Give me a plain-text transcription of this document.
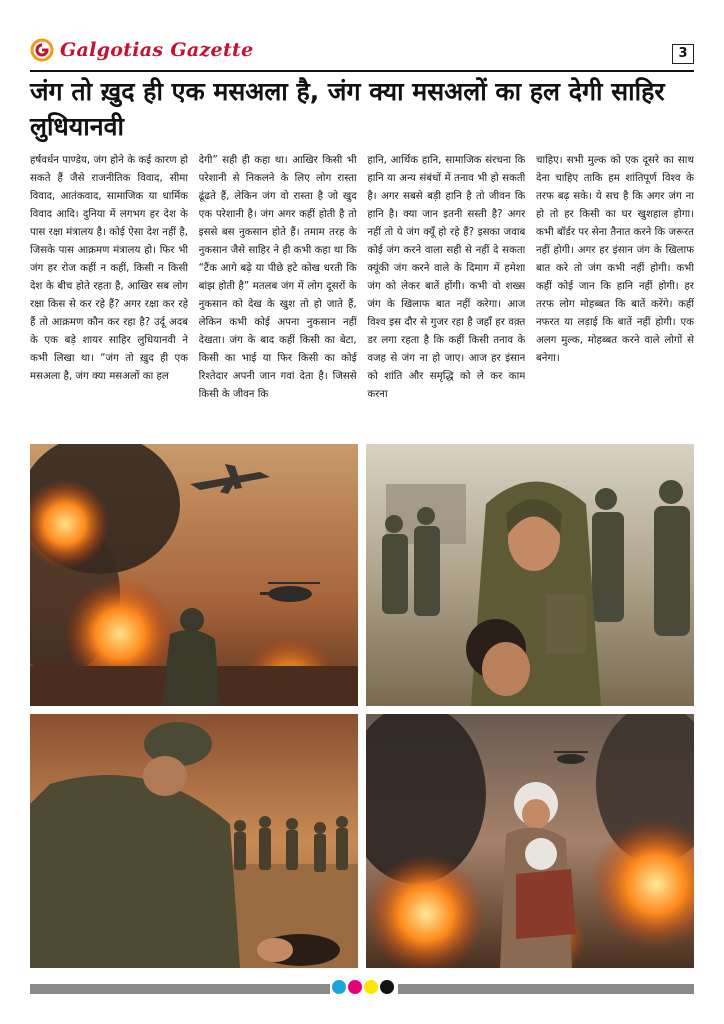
Galgotias Gazette	3
जंग तो ख़ुद ही एक मसअला है, जंग क्या मसअलों का हल देगी साहिर लुधियानवी
हर्षवर्धन पाण्डेय, जंग होने के कई कारण हो सकते हैं जैसे राजनीतिक विवाद, सीमा विवाद, आतंकवाद, सामाजिक या धार्मिक विवाद आदि। दुनिया में लगभग हर देश के पास रक्षा मंत्रालय है। कोई ऐसा देश नहीं है, जिसके पास आक्रमण मंत्रालय हो। फिर भी जंग हर रोज कहीं न कहीं, किसी न किसी देश के बीच होते रहता है, आखिर सब लोग रक्षा किस से कर रहे हैं? अगर रक्षा कर रहे हैं तो आक्रमण कौन कर रहा है? उर्दू अदब के एक बड़े शायर साहिर लुधियानवी ने कभी लिखा था। “जंग तो ख़ुद ही एक मसअला है, जंग क्या मसअलों का हल
देगी” सही ही कहा था। आखिर किसी भी परेशानी से निकलने के लिए लोग रास्ता ढूंढते हैं, लेकिन जंग वो रास्ता है जो खुद एक परेशानी है। जंग अगर कहीं होती है तो इससे बस नुकसान होते हैं। तमाम तरह के नुकसान जैसे साहिर ने ही कभी कहा था कि “टैंक आगे बढ़े या पीछे हटे कोख धरती कि बांझ होती है” मतलब जंग में लोग दूसरों के नुकसान को देख के खुश तो हो जाते हैं, लेकिन कभी कोई अपना नुकसान नहीं देखता। जंग के बाद कहीं किसी का बेटा, किसी का भाई या फिर किसी का कोई रिश्तेदार अपनी जान गवां देता है। जिससे किसी के जीवन कि
हानि, आर्थिक हानि, सामाजिक संरचना कि हानि या अन्य संबंधों में तनाव भी हो सकती है। अगर सबसे बड़ी हानि है तो जीवन कि हानि है। क्या जान इतनी सस्ती है? अगर नहीं तो ये जंग क्यूँ हो रहे हैं? इसका जवाब कोई जंग करने वाला सही से नहीं दे सकता क्यूंकी जंग करने वाले के दिमाग में हमेशा जंग को लेकर बातें होंगी। कभी वो शख्स जंग के खिलाफ बात नहीं करेगा। आज विश्व इस दौर से गुजर रहा है जहाँ हर वक़्त डर लगा रहता है कि कहीं किसी तनाव के वजह से जंग ना हो जाए। आज हर इंसान को शांति और समृद्धि को ले कर काम करना
चाहिए। सभी मुल्क को एक दूसरे का साथ देना चाहिए ताकि हम शांतिपूर्ण विश्व के तरफ बढ़ सके। ये सच है कि अगर जंग ना हो तो हर किसी का घर खुशहाल होगा। कभी बॉर्डर पर सेना तैनात करने कि जरूरत नहीं होगी। अगर हर इंसान जंग के खिलाफ बात करे तो जंग कभी नहीं होगी। कभी कहीं कोई जान कि हानि नहीं होगी। हर तरफ लोग मोहब्बत कि बातें करेंगे। कहीं नफरत या लड़ाई कि बातें नहीं होगी। एक अलग मुल्क, मोहब्बत करने वाले लोगों से बनेगा।
